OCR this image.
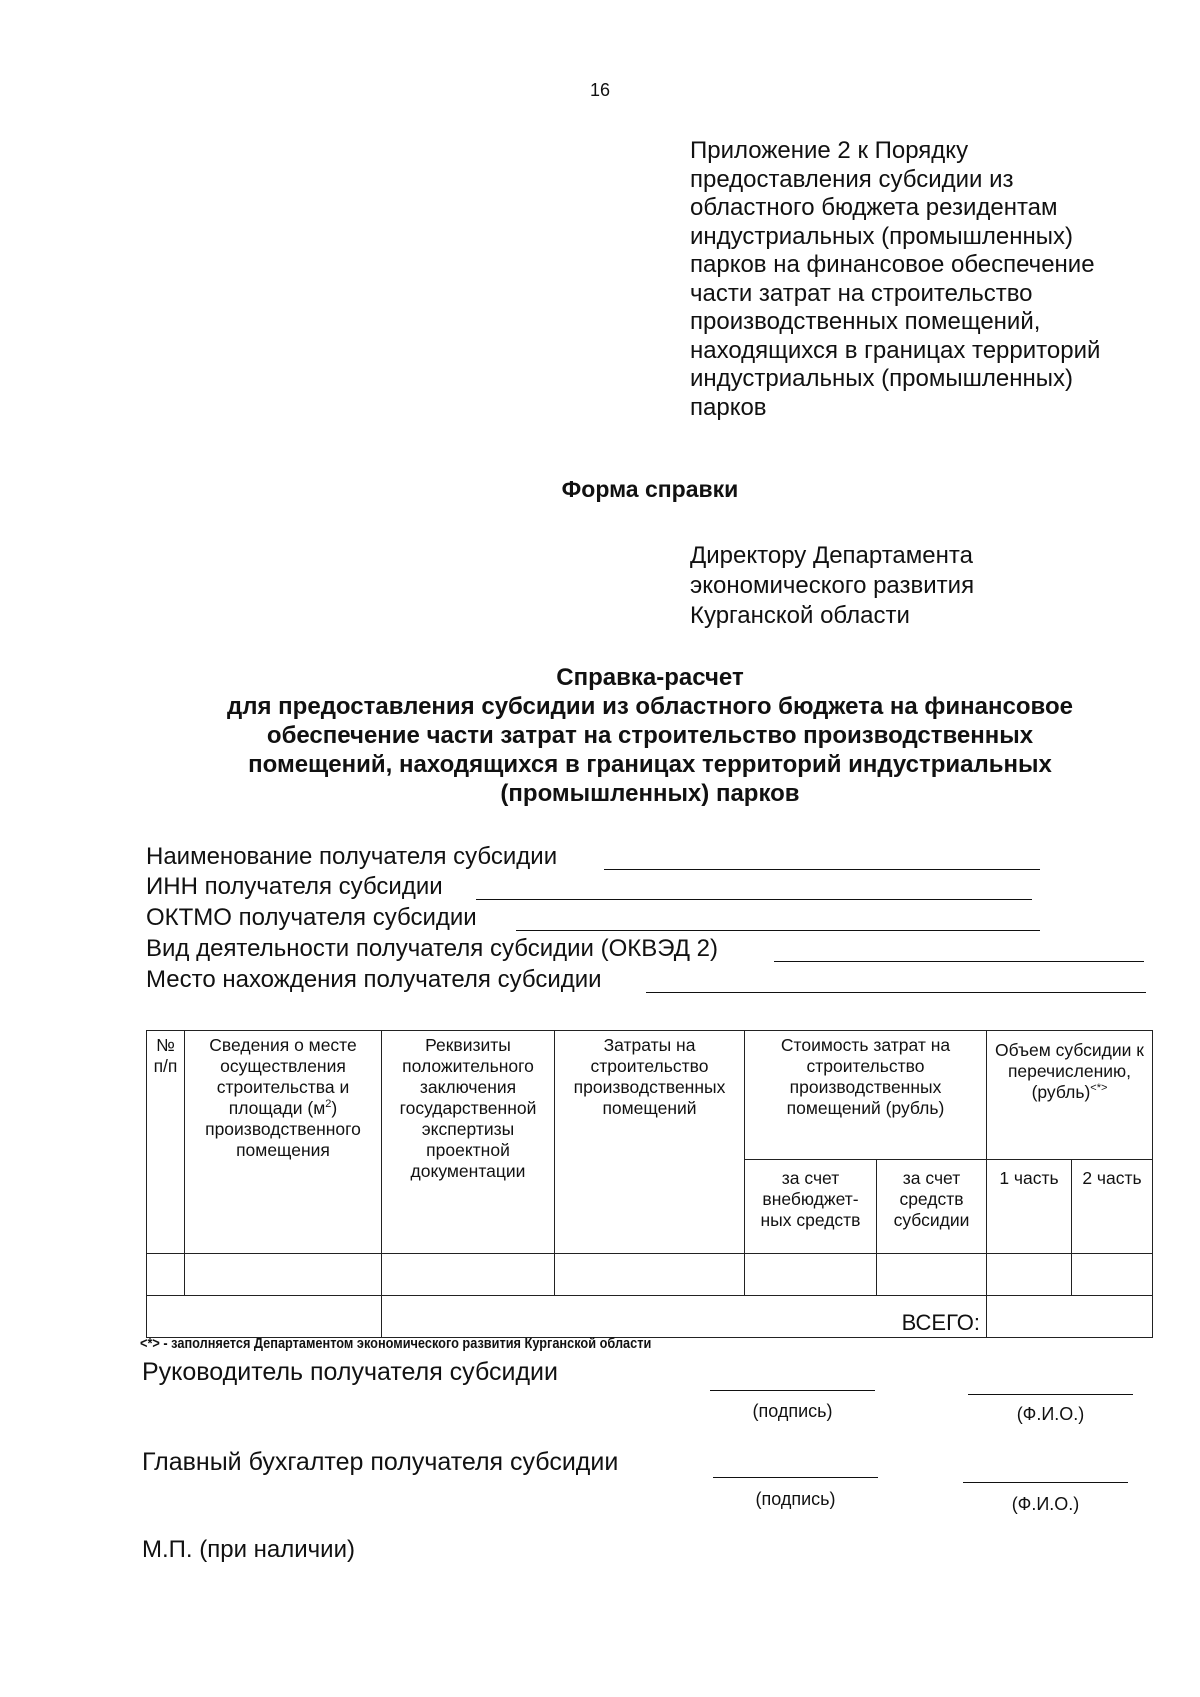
16
Приложение 2 к Порядку
предоставления субсидии из
областного бюджета резидентам
индустриальных (промышленных)
парков на финансовое обеспечение
части затрат на строительство
производственных помещений,
находящихся в границах территорий
индустриальных (промышленных)
парков
Форма справки
Директору Департамента
экономического развития
Курганской области
Справка-расчет
для предоставления субсидии из областного бюджета на финансовое
обеспечение части затрат на строительство производственных
помещений, находящихся в границах территорий индустриальных
(промышленных) парков
Наименование получателя субсидии
ИНН получателя субсидии
ОКТМО получателя субсидии
Вид деятельности получателя субсидии (ОКВЭД 2)
Место нахождения получателя субсидии
№ п/п	Сведения о месте осуществления строительства и площади $(м^2)$ производственного помещения	Реквизиты положительного заключения государственной экспертизы проектной документации	Затраты на строительство производственных помещений	Стоимость затрат на строительство производственных помещений (рубль)		Объем субсидии к перечислению, (рубль)<*>
				за счет внебюджет- ных средств	за счет средств субсидии	1 часть	2 часть

		ВСЕГО:					
<*> - заполняется Департаментом экономического развития Курганской области
Руководитель получателя субсидии
(подпись)	(Ф.И.О.)
Главный бухгалтер получателя субсидии
(подпись)	(Ф.И.О.)
М.П. (при наличии)
